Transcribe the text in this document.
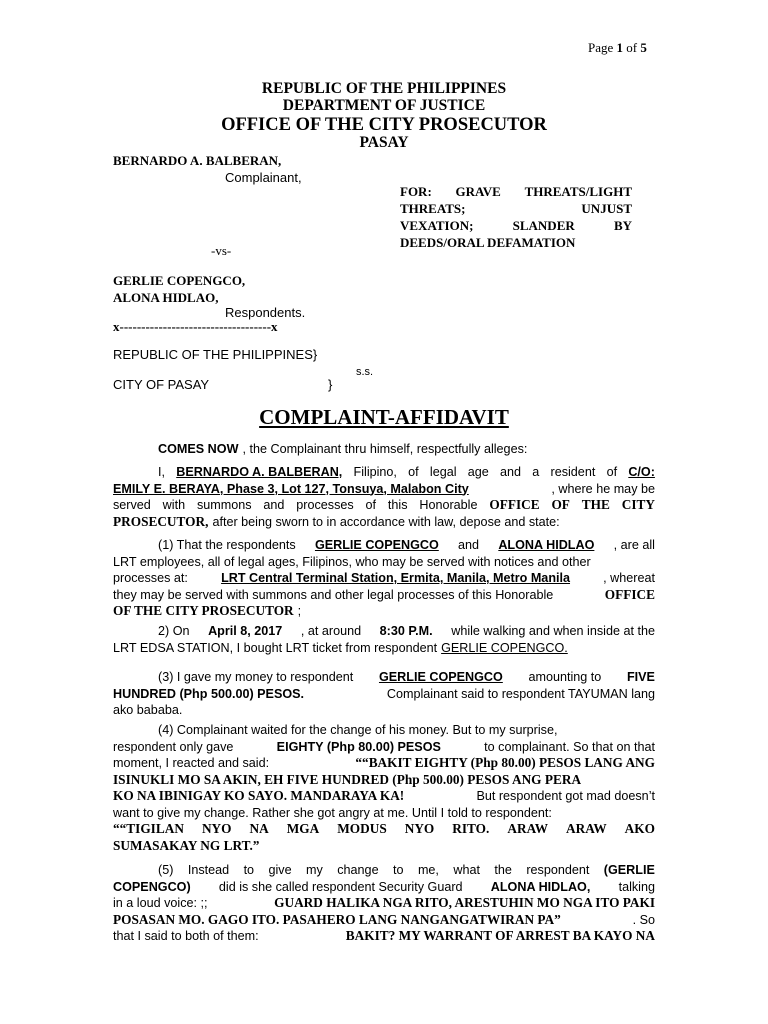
Page 1 of 5
REPUBLIC OF THE PHILIPPINES
DEPARTMENT OF JUSTICE
OFFICE OF THE CITY PROSECUTOR
PASAY
BERNARDO A. BALBERAN,
Complainant,
FOR: GRAVE THREATS/LIGHT
THREATS;	UNJUST
VEXATION;	SLANDER	BY
DEEDS/ORAL DEFAMATION
-vs-
GERLIE COPENGCO,
ALONA HIDLAO,
Respondents.
x-----------------------------------x
REPUBLIC OF THE PHILIPPINES}
s.s.
CITY OF PASAY	}
COMPLAINT-AFFIDAVIT
COMES NOW , the Complainant thru himself, respectfully alleges:
I, BERNARDO A. BALBERAN, Filipino, of legal age and a resident of C/O:
EMILY E. BERAYA, Phase 3, Lot 127, Tonsuya, Malabon City	, where he may be
served with summons and processes of this Honorable OFFICE OF THE CITY
PROSECUTOR, after being sworn to in accordance with law, depose and state:
(1) That the respondents GERLIE COPENGCO and ALONA HIDLAO , are all
LRT employees, all of legal ages, Filipinos, who may be served with notices and other
processes at:	LRT Central Terminal Station, Ermita, Manila, Metro Manila	, whereat
they may be served with summons and other legal processes of this Honorable	OFFICE
OF THE CITY PROSECUTOR ;
2) On April 8, 2017 , at around 8:30 P.M. while walking and when inside at the
LRT EDSA STATION, I bought LRT ticket from respondent GERLIE COPENGCO.
(3) I gave my money to respondent GERLIE COPENGCO amounting to FIVE
HUNDRED (Php 500.00) PESOS.	Complainant said to respondent TAYUMAN lang
ako bababa.
(4) Complainant waited for the change of his money. But to my surprise,
respondent only gave	EIGHTY (Php 80.00) PESOS	to complainant. So that on that
moment, I reacted and said:	““BAKIT EIGHTY (Php 80.00) PESOS LANG ANG
ISINUKLI MO SA AKIN, EH FIVE HUNDRED (Php 500.00) PESOS ANG PERA
KO NA IBINIGAY KO SAYO. MANDARAYA KA!	But respondent got mad doesn’t
want to give my change. Rather she got angry at me. Until I told to respondent:
““TIGILAN NYO NA MGA MODUS NYO RITO. ARAW ARAW AKO
SUMASAKAY NG LRT.”
(5) Instead to give my change to me, what the respondent (GERLIE
COPENGCO) did is she called respondent Security Guard ALONA HIDLAO, talking
in a loud voice: ;;	GUARD HALIKA NGA RITO, ARESTUHIN MO NGA ITO PAKI
POSASAN MO. GAGO ITO. PASAHERO LANG NANGANGATWIRAN PA”	. So
that I said to both of them:	BAKIT? MY WARRANT OF ARREST BA KAYO NA
